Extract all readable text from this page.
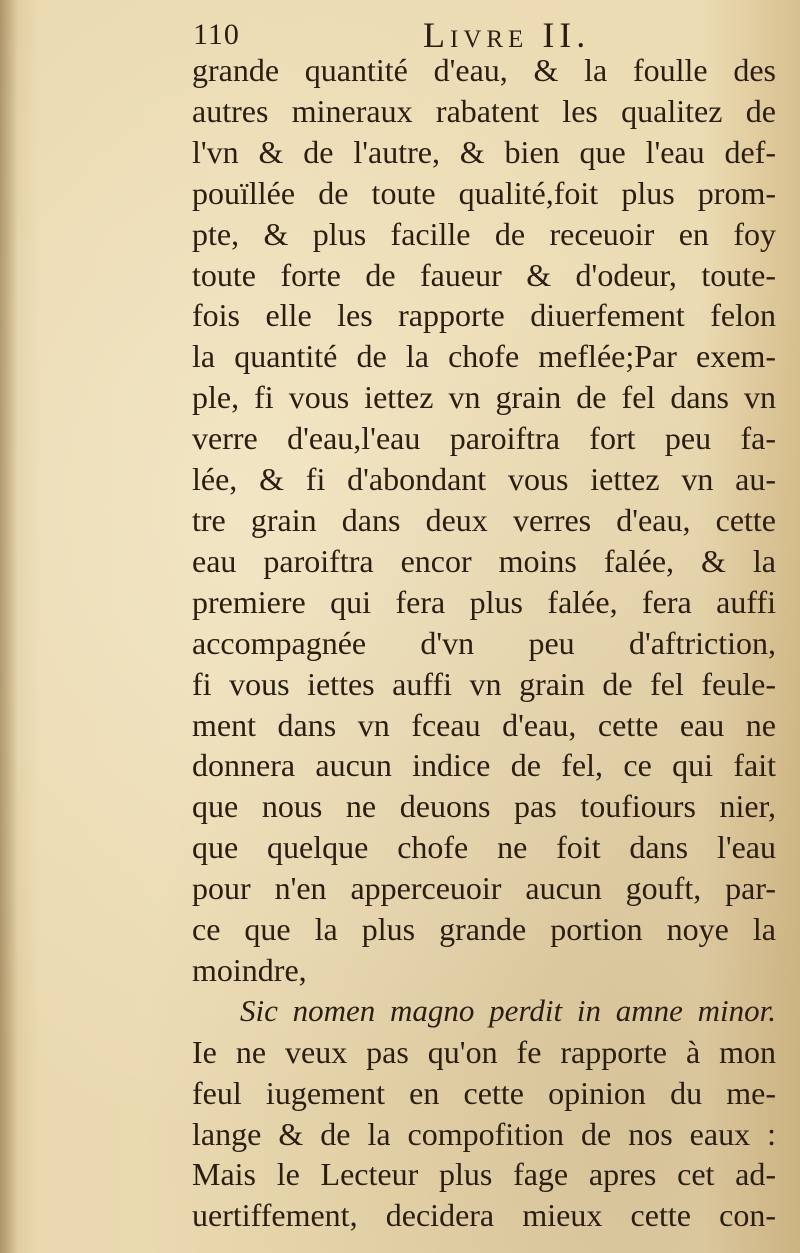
110	Livre II.
grande quantité d'eau, & la foulle des
autres mineraux rabatent les qualitez de
l'vn & de l'autre, & bien que l'eau def-
pouïllée de toute qualité,foit plus prom-
pte, & plus facille de receuoir en foy
toute forte de faueur & d'odeur, toute-
fois elle les rapporte diuerfement felon
la quantité de la chofe meflée;Par exem-
ple, fi vous iettez vn grain de fel dans vn
verre d'eau,l'eau paroiftra fort peu fa-
lée, & fi d'abondant vous iettez vn au-
tre grain dans deux verres d'eau, cette
eau paroiftra encor moins falée, & la
premiere qui fera plus falée, fera auffi
accompagnée d'vn peu d'aftriction,
fi vous iettes auffi vn grain de fel feule-
ment dans vn fceau d'eau, cette eau ne
donnera aucun indice de fel, ce qui fait
que nous ne deuons pas toufiours nier,
que quelque chofe ne foit dans l'eau
pour n'en apperceuoir aucun gouft, par-
ce que la plus grande portion noye la
moindre,
Sic nomen magno perdit in amne minor.
Ie ne veux pas qu'on fe rapporte à mon
feul iugement en cette opinion du me-
lange & de la compofition de nos eaux :
Mais le Lecteur plus fage apres cet ad-
uertiffement, decidera mieux cette con-
